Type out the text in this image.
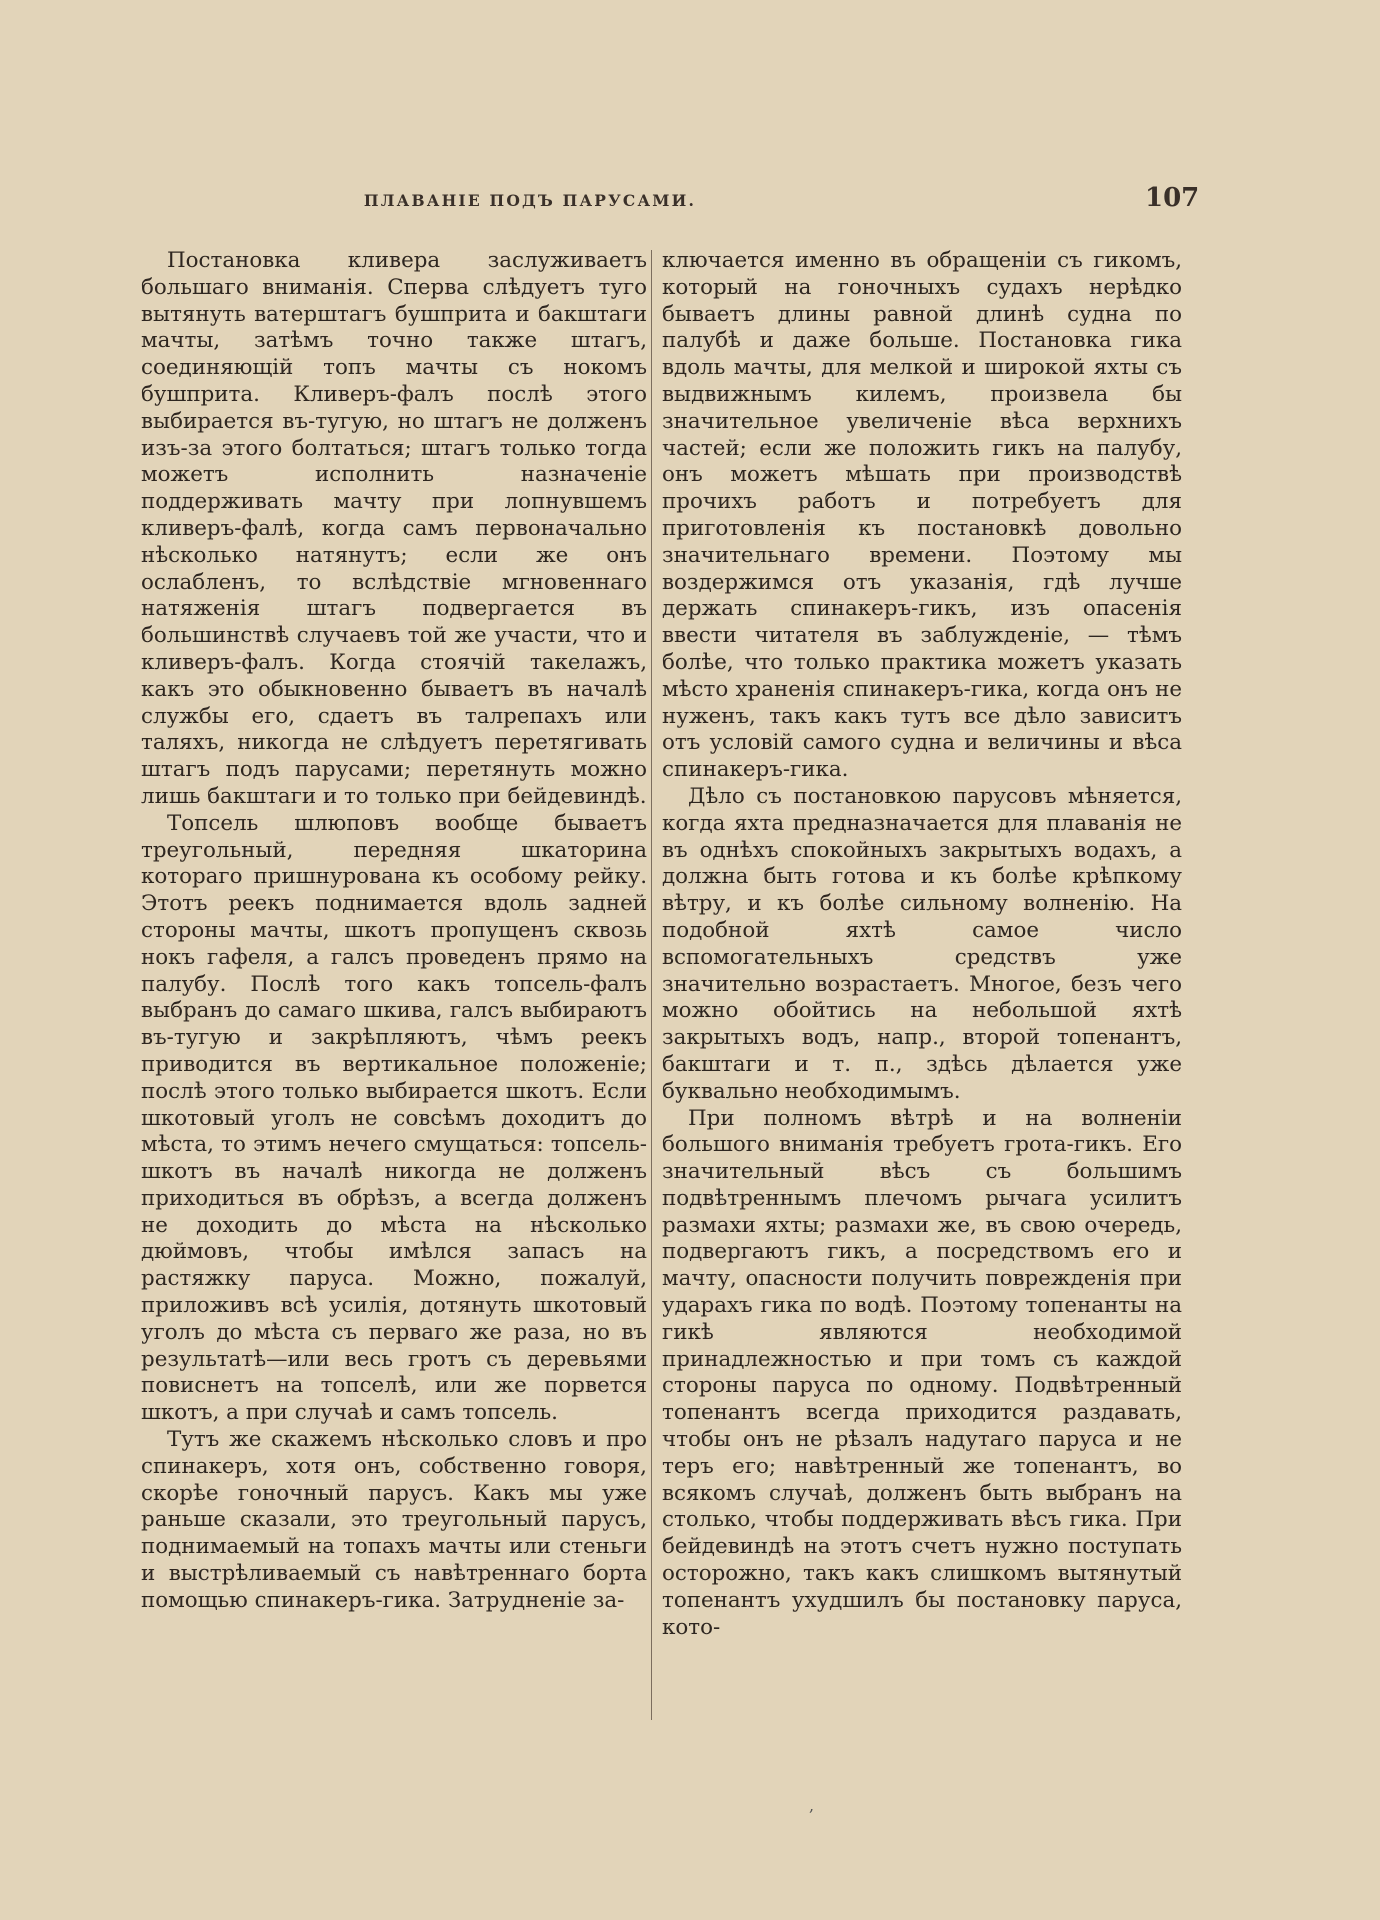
ПЛАВАНІЕ ПОДЪ ПАРУСАМИ.	107

Постановка кливера заслуживаетъ большаго вниманія. Сперва слѣдуетъ туго вытянуть ватерштагъ бушприта и бакштаги мачты, затѣмъ точно также штагъ, соединяющій топъ мачты съ нокомъ бушприта. Кливеръ-фалъ послѣ этого выбирается въ-тугую, но штагъ не долженъ изъ-за этого болтаться; штагъ только тогда можетъ исполнить назначеніе поддерживать мачту при лопнувшемъ кливеръ-фалѣ, когда самъ первоначально нѣсколько натянутъ; если же онъ ослабленъ, то вслѣдствіе мгновеннаго натяженія штагъ подвергается въ большинствѣ случаевъ той же участи, что и кливеръ-фалъ. Когда стоячій такелажъ, какъ это обыкновенно бываетъ въ началѣ службы его, сдаетъ въ талрепахъ или таляхъ, никогда не слѣдуетъ перетягивать штагъ подъ парусами; перетянуть можно лишь бакштаги и то только при бейдевиндѣ.

Топсель шлюповъ вообще бываетъ треугольный, передняя шкаторина котораго пришнурована къ особому рейку. Этотъ реекъ поднимается вдоль задней стороны мачты, шкотъ пропущенъ сквозь нокъ гафеля, а галсъ проведенъ прямо на палубу. Послѣ того какъ топсель-фалъ выбранъ до самаго шкива, галсъ выбираютъ въ-тугую и закрѣпляютъ, чѣмъ реекъ приводится въ вертикальное положеніе; послѣ этого только выбирается шкотъ. Если шкотовый уголъ не совсѣмъ доходитъ до мѣста, то этимъ нечего смущаться: топсель-шкотъ въ началѣ никогда не долженъ приходиться въ обрѣзъ, а всегда долженъ не доходить до мѣста на нѣсколько дюймовъ, чтобы имѣлся запасъ на растяжку паруса. Можно, пожалуй, приложивъ всѣ усилія, дотянуть шкотовый уголъ до мѣста съ перваго же раза, но въ результатѣ—или весь гротъ съ деревьями повиснетъ на топселѣ, или же порвется шкотъ, а при случаѣ и самъ топсель.

Тутъ же скажемъ нѣсколько словъ и про спинакеръ, хотя онъ, собственно говоря, скорѣе гоночный парусъ. Какъ мы уже раньше сказали, это треугольный парусъ, поднимаемый на топахъ мачты или стеньги и выстрѣливаемый съ навѣтреннаго борта помощью спинакеръ-гика. Затрудненіе за-

ключается именно въ обращеніи съ гикомъ, который на гоночныхъ судахъ нерѣдко бываетъ длины равной длинѣ судна по палубѣ и даже больше. Постановка гика вдоль мачты, для мелкой и широкой яхты съ выдвижнымъ килемъ, произвела бы значительное увеличеніе вѣса верхнихъ частей; если же положить гикъ на палубу, онъ можетъ мѣшать при производствѣ прочихъ работъ и потребуетъ для приготовленія къ постановкѣ довольно значительнаго времени. Поэтому мы воздержимся отъ указанія, гдѣ лучше держать спинакеръ-гикъ, изъ опасенія ввести читателя въ заблужденіе, — тѣмъ болѣе, что только практика можетъ указать мѣсто храненія спинакеръ-гика, когда онъ не нуженъ, такъ какъ тутъ все дѣло зависитъ отъ условій самого судна и величины и вѣса спинакеръ-гика.

Дѣло съ постановкою парусовъ мѣняется, когда яхта предназначается для плаванія не въ однѣхъ спокойныхъ закрытыхъ водахъ, а должна быть готова и къ болѣе крѣпкому вѣтру, и къ болѣе сильному волненію. На подобной яхтѣ самое число вспомогательныхъ средствъ уже значительно возрастаетъ. Многое, безъ чего можно обойтись на небольшой яхтѣ закрытыхъ водъ, напр., второй топенантъ, бакштаги и т. п., здѣсь дѣлается уже буквально необходимымъ.

При полномъ вѣтрѣ и на волненіи большого вниманія требуетъ грота-гикъ. Его значительный вѣсъ съ большимъ подвѣтреннымъ плечомъ рычага усилитъ размахи яхты; размахи же, въ свою очередь, подвергаютъ гикъ, а посредствомъ его и мачту, опасности получить поврежденія при ударахъ гика по водѣ. Поэтому топенанты на гикѣ являются необходимой принадлежностью и при томъ съ каждой стороны паруса по одному. Подвѣтренный топенантъ всегда приходится раздавать, чтобы онъ не рѣзалъ надутаго паруса и не теръ его; навѣтренный же топенантъ, во всякомъ случаѣ, долженъ быть выбранъ на столько, чтобы поддерживать вѣсъ гика. При бейдевиндѣ на этотъ счетъ нужно поступать осторожно, такъ какъ слишкомъ вытянутый топенантъ ухудшилъ бы постановку паруса, кото-

,
